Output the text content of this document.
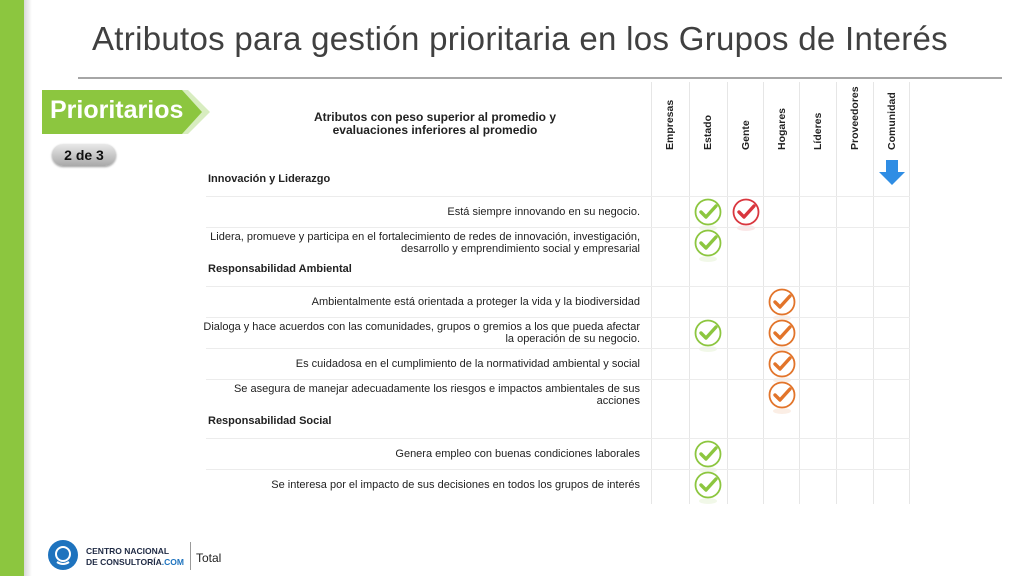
Atributos para gestión prioritaria en los Grupos de Interés
Prioritarios
2 de 3
Atributos con peso superior al promedio y evaluaciones inferiores al promedio	Empresas Estado Gente Hogares Líderes Proveedores Comunidad
Innovación y Liderazgo
Está siempre innovando en su negocio.
Lidera, promueve y participa en el fortalecimiento de redes de innovación, investigación, desarrollo y emprendimiento social y empresarial
Responsabilidad Ambiental
Ambientalmente está orientada a proteger la vida y la biodiversidad
Dialoga y hace acuerdos con las comunidades, grupos o gremios a los que pueda afectar la operación de su negocio.
Es cuidadosa en el cumplimiento de la normatividad ambiental y social
Se asegura de manejar adecuadamente los riesgos e impactos ambientales de sus acciones
Responsabilidad Social
Genera empleo con buenas condiciones laborales
Se interesa por el impacto de sus decisiones en todos los grupos de interés
CENTRO NACIONAL
DE CONSULTORÍA.COM Total
